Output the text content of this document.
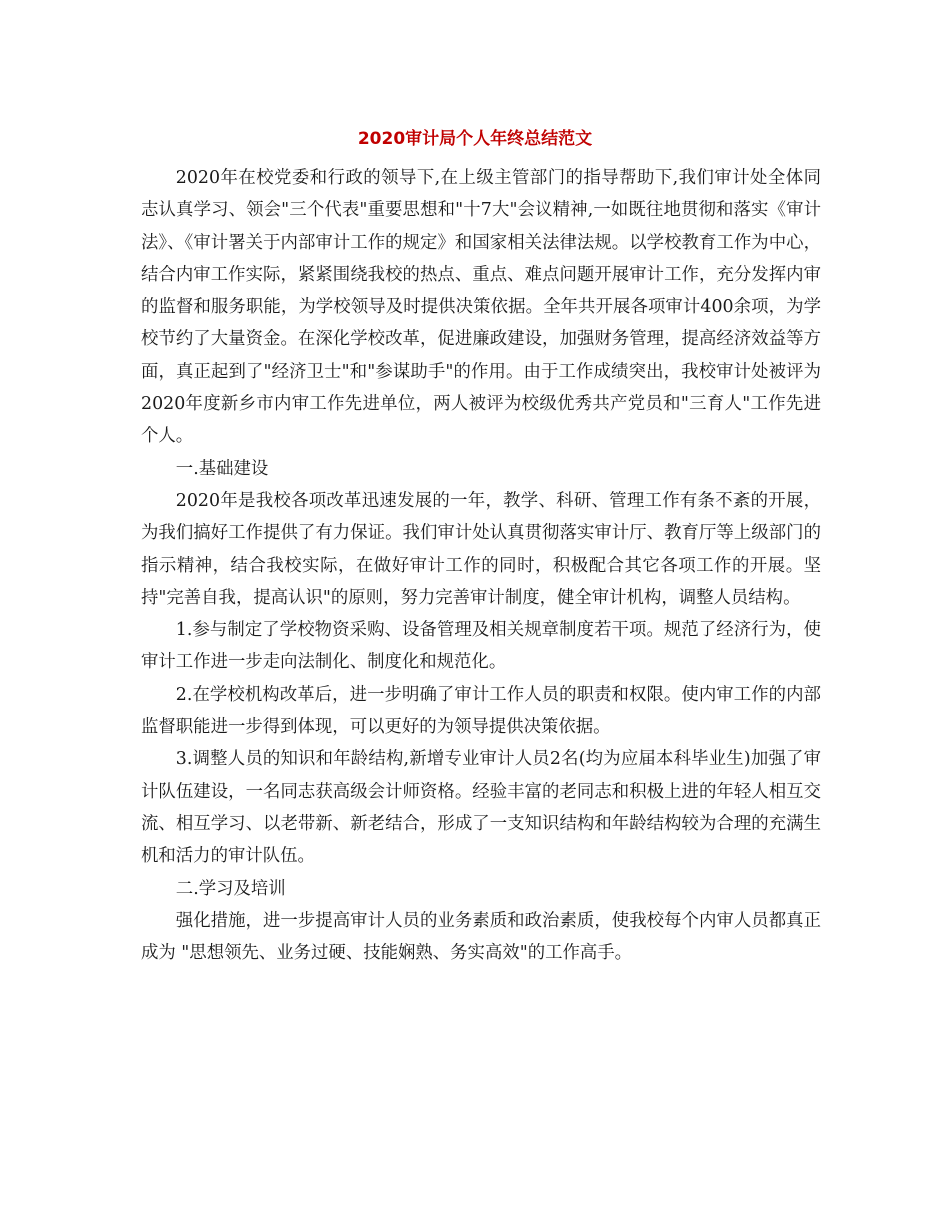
2020审计局个人年终总结范文

2020年在校党委和行政的领导下,在上级主管部门的指导帮助下,我们审计处全体同志认真学习、领会"三个代表"重要思想和"十7大"会议精神,一如既往地贯彻和落实《审计法》、《审计署关于内部审计工作的规定》和国家相关法律法规。以学校教育工作为中心，结合内审工作实际，紧紧围绕我校的热点、重点、难点问题开展审计工作，充分发挥内审的监督和服务职能，为学校领导及时提供决策依据。全年共开展各项审计400余项，为学校节约了大量资金。在深化学校改革，促进廉政建设，加强财务管理，提高经济效益等方面，真正起到了"经济卫士"和"参谋助手"的作用。由于工作成绩突出，我校审计处被评为2020年度新乡市内审工作先进单位，两人被评为校级优秀共产党员和"三育人"工作先进个人。

一.基础建设

2020年是我校各项改革迅速发展的一年，教学、科研、管理工作有条不紊的开展，为我们搞好工作提供了有力保证。我们审计处认真贯彻落实审计厅、教育厅等上级部门的指示精神，结合我校实际，在做好审计工作的同时，积极配合其它各项工作的开展。坚持"完善自我，提高认识"的原则，努力完善审计制度，健全审计机构，调整人员结构。

1.参与制定了学校物资采购、设备管理及相关规章制度若干项。规范了经济行为，使审计工作进一步走向法制化、制度化和规范化。

2.在学校机构改革后，进一步明确了审计工作人员的职责和权限。使内审工作的内部监督职能进一步得到体现，可以更好的为领导提供决策依据。

3.调整人员的知识和年龄结构,新增专业审计人员2名(均为应届本科毕业生)加强了审计队伍建设，一名同志获高级会计师资格。经验丰富的老同志和积极上进的年轻人相互交流、相互学习、以老带新、新老结合，形成了一支知识结构和年龄结构较为合理的充满生机和活力的审计队伍。

二.学习及培训

强化措施，进一步提高审计人员的业务素质和政治素质，使我校每个内审人员都真正成为 "思想领先、业务过硬、技能娴熟、务实高效"的工作高手。
